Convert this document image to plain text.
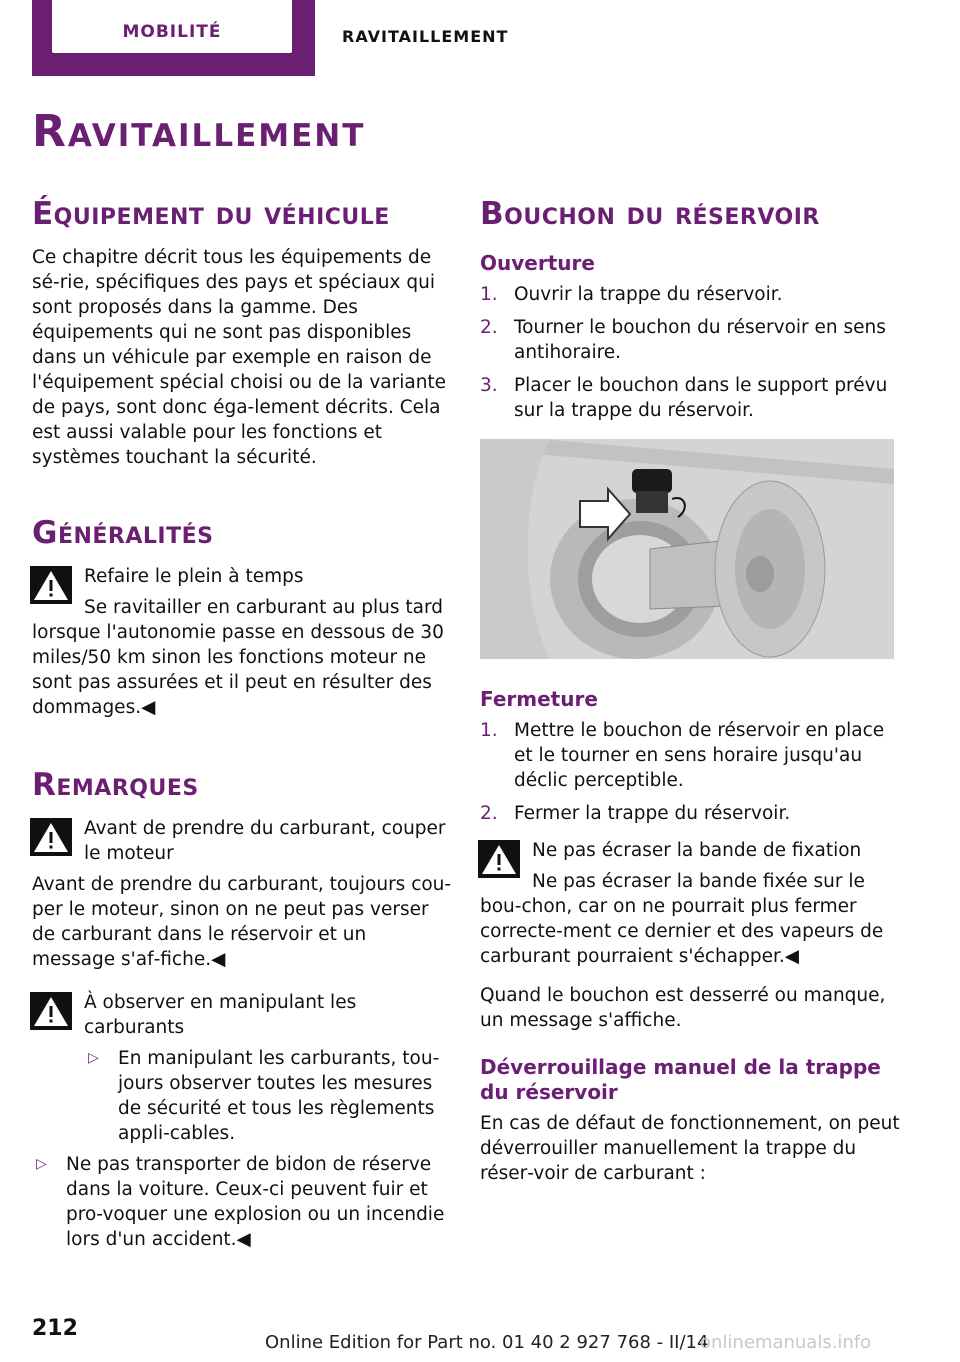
MOBILITÉ	RAVITAILLEMENT
Ravitaillement
Équipement du véhicule

Ce chapitre décrit tous les équipements de sé‐rie, spécifiques des pays et spéciaux qui sont proposés dans la gamme. Des équipements qui ne sont pas disponibles dans un véhicule par exemple en raison de l'équipement spécial choisi ou de la variante de pays, sont donc éga‐lement décrits. Cela est aussi valable pour les fonctions et systèmes touchant la sécurité.

Généralités
Refaire le plein à temps

Se ravitailler en carburant au plus tard lorsque l'autonomie passe en dessous de 30 miles/50 km sinon les fonctions moteur ne sont pas assurées et il peut en résulter des dommages.◀

Remarques
Avant de prendre du carburant, couper le moteur

Avant de prendre du carburant, toujours cou‐per le moteur, sinon on ne peut pas verser de carburant dans le réservoir et un message s'af‐fiche.◀

À observer en manipulant les carburants
▷ En manipulant les carburants, tou‐jours observer toutes les mesures de sécurité et tous les règlements appli‐cables.
▷ Ne pas transporter de bidon de réserve dans la voiture. Ceux-ci peuvent fuir et pro‐voquer une explosion ou un incendie lors d'un accident.◀
Bouchon du réservoir
Ouverture
1. Ouvrir la trappe du réservoir.
2. Tourner le bouchon du réservoir en sens antihoraire.
3. Placer le bouchon dans le support prévu sur la trappe du réservoir.
Fermeture
1. Mettre le bouchon de réservoir en place et le tourner en sens horaire jusqu'au déclic perceptible.
2. Fermer la trappe du réservoir.
Ne pas écraser la bande de fixation

Ne pas écraser la bande fixée sur le bou‐chon, car on ne pourrait plus fermer correcte‐ment ce dernier et des vapeurs de carburant pourraient s'échapper.◀

Quand le bouchon est desserré ou manque, un message s'affiche.

Déverrouillage manuel de la trappe du réservoir

En cas de défaut de fonctionnement, on peut déverrouiller manuellement la trappe du réser‐voir de carburant :

212
Online Edition for Part no. 01 40 2 927 768 - II/14
onlinemanuals.info
